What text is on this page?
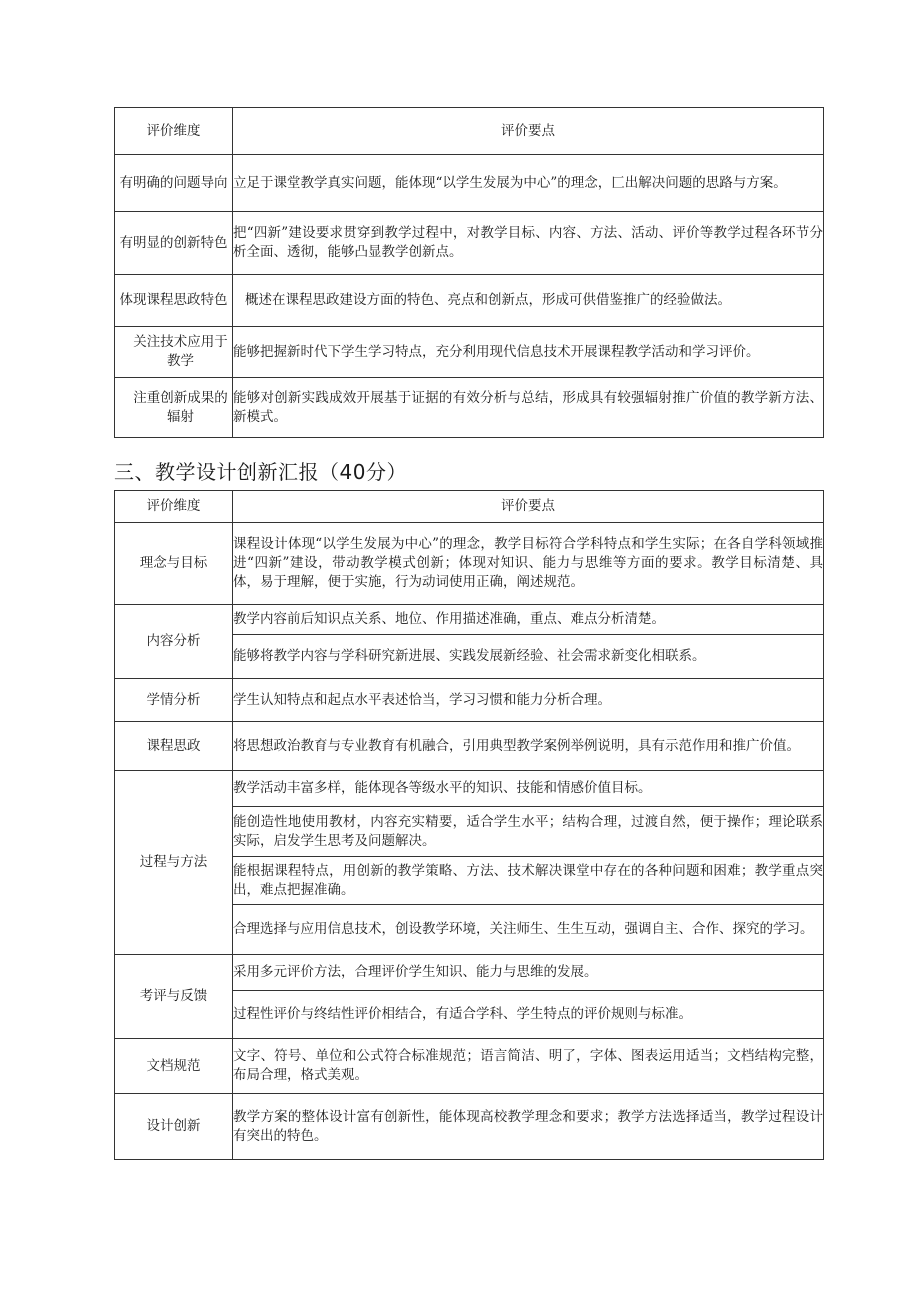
评价维度	评价要点
有明确的问题导向	立足于课堂教学真实问题，能体现“以学生发展为中心”的理念，匚出解决问题的思路与方案。
有明显的创新特色	把“四新”建设要求贯穿到教学过程中，对教学目标、内容、方法、活动、评价等教学过程各环节分析全面、透彻，能够凸显教学创新点。
体现课程思政特色	概述在课程思政建设方面的特色、亮点和创新点，形成可供借鉴推广的经验做法。
关注技术应用于教学	能够把握新时代下学生学习特点，充分利用现代信息技术开展课程教学活动和学习评价。
注重创新成果的辐射	能够对创新实践成效开展基于证据的有效分析与总结，形成具有较强辐射推广价值的教学新方法、新模式。
三、教学设计创新汇报（40分）
评价维度	评价要点
理念与目标	课程设计体现“以学生发展为中心”的理念，教学目标符合学科特点和学生实际；在各自学科领域推进“四新”建设，带动教学模式创新；体现对知识、能力与思维等方面的要求。教学目标清楚、具体，易于理解，便于实施，行为动词使用正确，阐述规范。
内容分析	教学内容前后知识点关系、地位、作用描述准确，重点、难点分析清楚。
	能够将教学内容与学科研究新进展、实践发展新经验、社会需求新变化相联系。
学情分析	学生认知特点和起点水平表述恰当，学习习惯和能力分析合理。
课程思政	将思想政治教育与专业教育有机融合，引用典型教学案例举例说明，具有示范作用和推广价值。
过程与方法	教学活动丰富多样，能体现各等级水平的知识、技能和情感价值目标。
	能创造性地使用教材，内容充实精要，适合学生水平；结构合理，过渡自然，便于操作；理论联系实际，启发学生思考及问题解决。
	能根据课程特点，用创新的教学策略、方法、技术解决课堂中存在的各种问题和困难；教学重点突出，难点把握准确。
	合理选择与应用信息技术，创设教学环境，关注师生、生生互动，强调自主、合作、探究的学习。
考评与反馈	采用多元评价方法，合理评价学生知识、能力与思维的发展。
	过程性评价与终结性评价相结合，有适合学科、学生特点的评价规则与标准。
文档规范	文字、符号、单位和公式符合标准规范；语言简洁、明了，字体、图表运用适当；文档结构完整，布局合理，格式美观。
设计创新	教学方案的整体设计富有创新性，能体现高校教学理念和要求；教学方法选择适当，教学过程设计有突出的特色。
